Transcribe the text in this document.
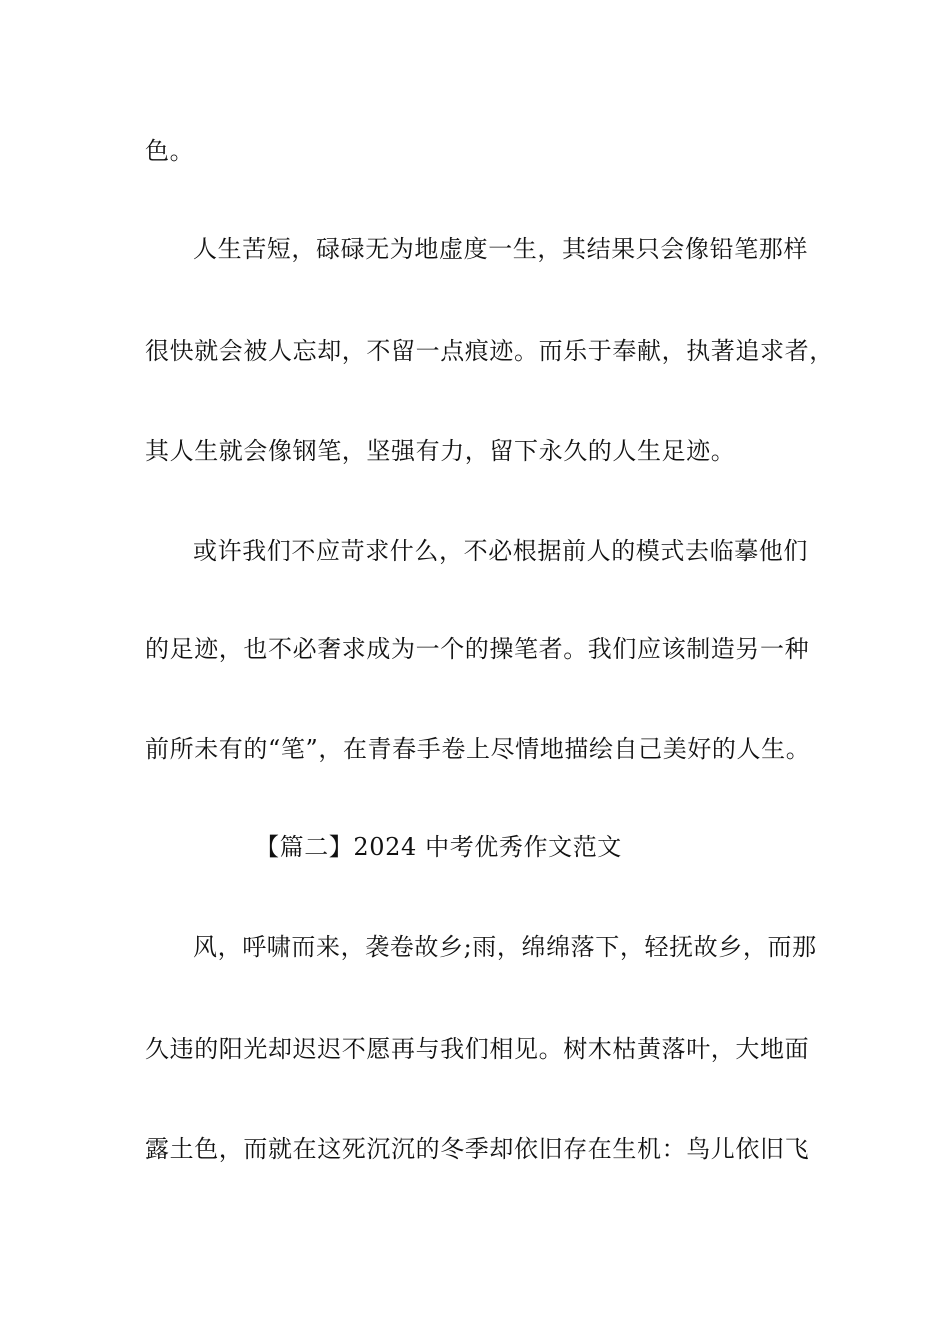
色。
人生苦短，碌碌无为地虚度一生，其结果只会像铅笔那样
很快就会被人忘却，不留一点痕迹。而乐于奉献，执著追求者，
其人生就会像钢笔，坚强有力，留下永久的人生足迹。
或许我们不应苛求什么，不必根据前人的模式去临摹他们
的足迹，也不必奢求成为一个的操笔者。我们应该制造另一种
前所未有的“笔”，在青春手卷上尽情地描绘自己美好的人生。
【篇二】2024 中考优秀作文范文
风，呼啸而来，袭卷故乡;雨，绵绵落下，轻抚故乡，而那
久违的阳光却迟迟不愿再与我们相见。树木枯黄落叶，大地面
露土色，而就在这死沉沉的冬季却依旧存在生机：鸟儿依旧飞
